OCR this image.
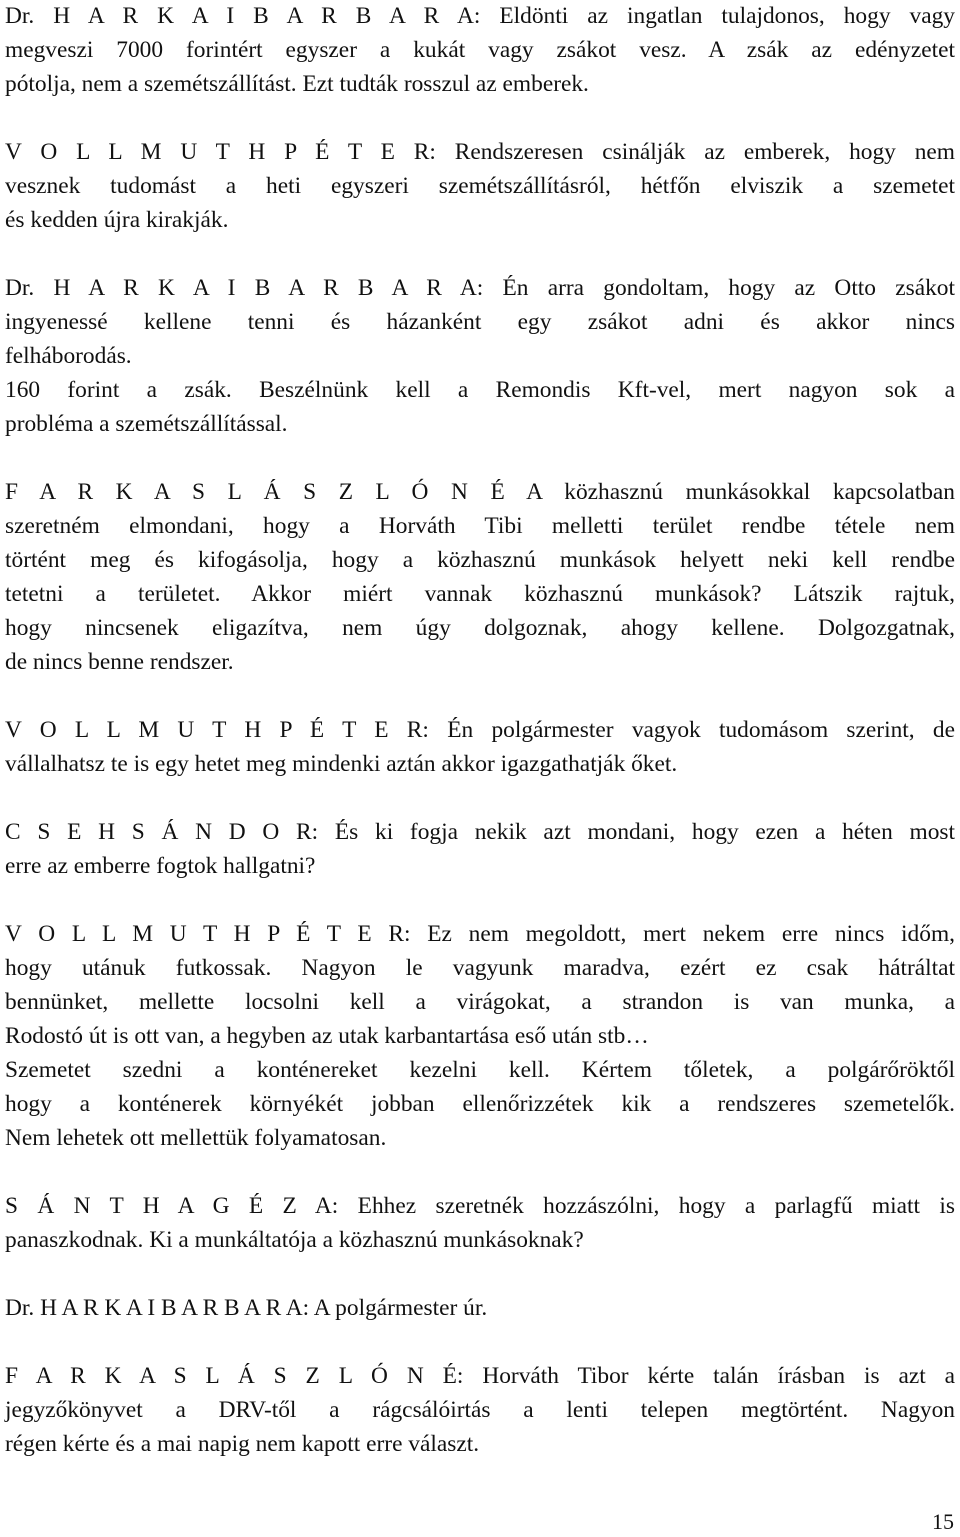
Dr. H A R K A I B A R B A R A: Eldönti az ingatlan tulajdonos, hogy vagy
megveszi 7000 forintért egyszer a kukát vagy zsákot vesz. A zsák az edényzetet
pótolja, nem a szemétszállítást. Ezt tudták rosszul az emberek.

V O L L M U T H P É T E R: Rendszeresen csinálják az emberek, hogy nem
vesznek tudomást a heti egyszeri szemétszállításról, hétfőn elviszik a szemetet
és kedden újra kirakják.

Dr. H A R K A I B A R B A R A: Én arra gondoltam, hogy az Otto zsákot
ingyenessé kellene tenni és házanként egy zsákot adni és akkor nincs
felháborodás.
160 forint a zsák. Beszélnünk kell a Remondis Kft-vel, mert nagyon sok a
probléma a szemétszállítással.

F A R K A S L Á S Z L Ó N É A közhasznú munkásokkal kapcsolatban
szeretném elmondani, hogy a Horváth Tibi melletti terület rendbe tétele nem
történt meg és kifogásolja, hogy a közhasznú munkások helyett neki kell rendbe
tetetni a területet. Akkor miért vannak közhasznú munkások? Látszik rajtuk,
hogy nincsenek eligazítva, nem úgy dolgoznak, ahogy kellene. Dolgozgatnak,
de nincs benne rendszer.

V O L L M U T H P É T E R: Én polgármester vagyok tudomásom szerint, de
vállalhatsz te is egy hetet meg mindenki aztán akkor igazgathatják őket.

C S E H S Á N D O R: És ki fogja nekik azt mondani, hogy ezen a héten most
erre az emberre fogtok hallgatni?

V O L L M U T H P É T E R: Ez nem megoldott, mert nekem erre nincs időm,
hogy utánuk futkossak. Nagyon le vagyunk maradva, ezért ez csak hátráltat
bennünket, mellette locsolni kell a virágokat, a strandon is van munka, a
Rodostó út is ott van, a hegyben az utak karbantartása eső után stb…
Szemetet szedni a konténereket kezelni kell. Kértem tőletek, a polgárőröktől
hogy a konténerek környékét jobban ellenőrizzétek kik a rendszeres szemetelők.
Nem lehetek ott mellettük folyamatosan.

S Á N T H A G É Z A: Ehhez szeretnék hozzászólni, hogy a parlagfű miatt is
panaszkodnak. Ki a munkáltatója a közhasznú munkásoknak?

Dr. H A R K A I B A R B A R A: A polgármester úr.

F A R K A S L Á S Z L Ó N É: Horváth Tibor kérte talán írásban is azt a
jegyzőkönyvet a DRV-től a rágcsálóirtás a lenti telepen megtörtént. Nagyon
régen kérte és a mai napig nem kapott erre választ.

15
